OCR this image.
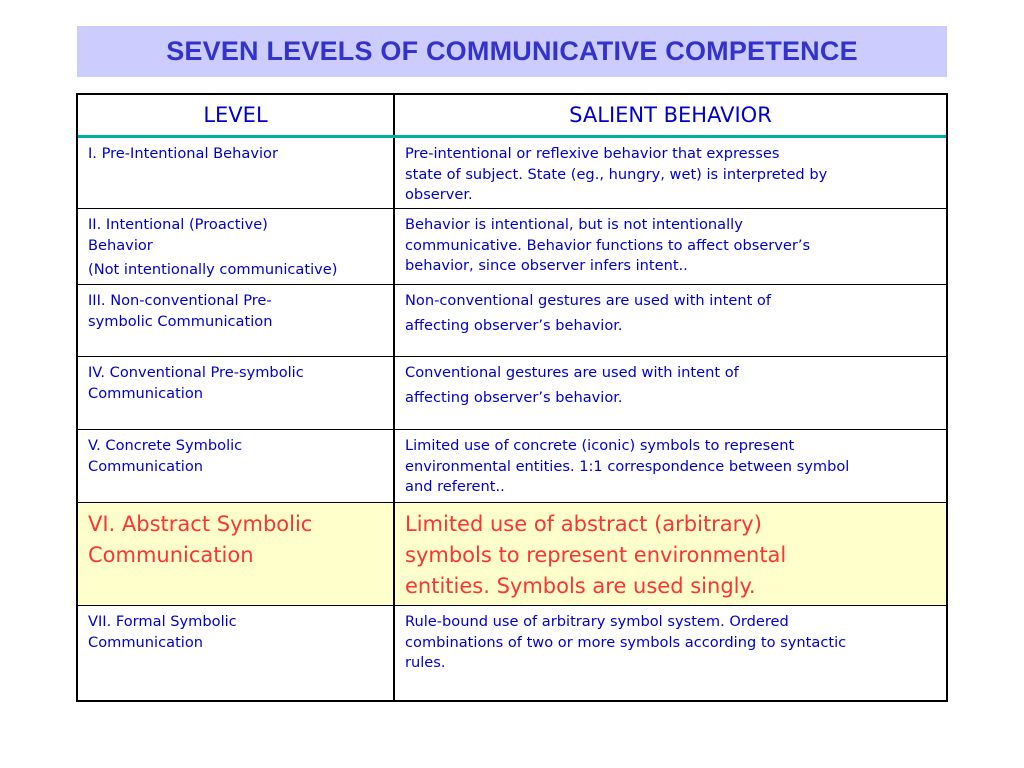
SEVEN LEVELS OF COMMUNICATIVE COMPETENCE
LEVEL	SALIENT BEHAVIOR

I. Pre-Intentional Behavior	Pre-intentional or reflexive behavior that expresses
state of subject. State (eg., hungry, wet) is interpreted by
observer.

II. Intentional (Proactive)
Behavior
(Not intentionally communicative)	Behavior is intentional, but is not intentionally
communicative. Behavior functions to affect observer’s
behavior, since observer infers intent..

III. Non-conventional Pre-
symbolic Communication	Non-conventional gestures are used with intent of
affecting observer’s behavior.

IV. Conventional Pre-symbolic
Communication	Conventional gestures are used with intent of
affecting observer’s behavior.

V. Concrete Symbolic
Communication	Limited use of concrete (iconic) symbols to represent
environmental entities. 1:1 correspondence between symbol
and referent..

VI. Abstract Symbolic
Communication	Limited use of abstract (arbitrary)
symbols to represent environmental
entities. Symbols are used singly.

VII. Formal Symbolic
Communication	Rule-bound use of arbitrary symbol system. Ordered
combinations of two or more symbols according to syntactic
rules.
